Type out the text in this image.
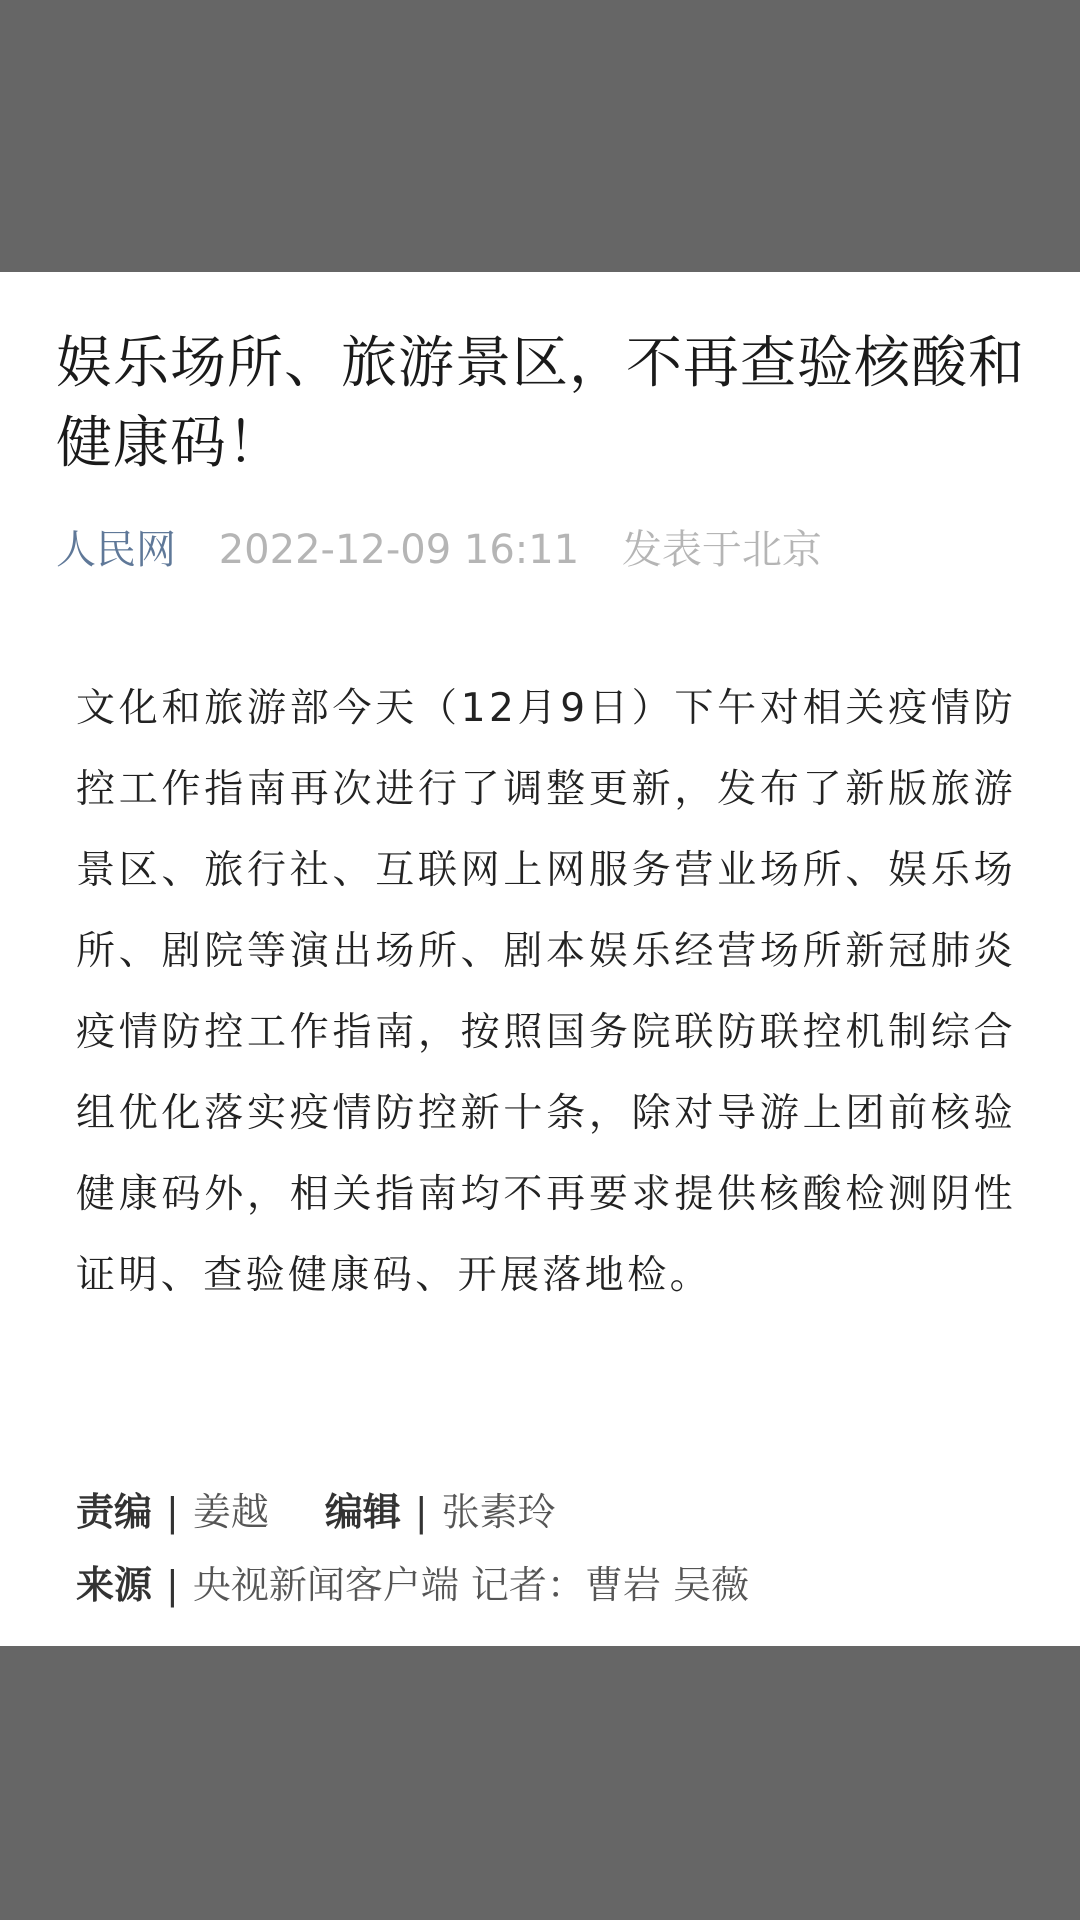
娱乐场所、旅游景区，不再查验核酸和健康码！
人民网 2022-12-09 16:11 发表于北京

文化和旅游部今天（12月9日）下午对相关疫情防控工作指南再次进行了调整更新，发布了新版旅游景区、旅行社、互联网上网服务营业场所、娱乐场所、剧院等演出场所、剧本娱乐经营场所新冠肺炎疫情防控工作指南，按照国务院联防联控机制综合组优化落实疫情防控新十条，除对导游上团前核验健康码外，相关指南均不再要求提供核酸检测阴性证明、查验健康码、开展落地检。

责编 | 姜越 编辑 | 张素玲
来源 | 央视新闻客户端 记者：曹岩 吴薇
